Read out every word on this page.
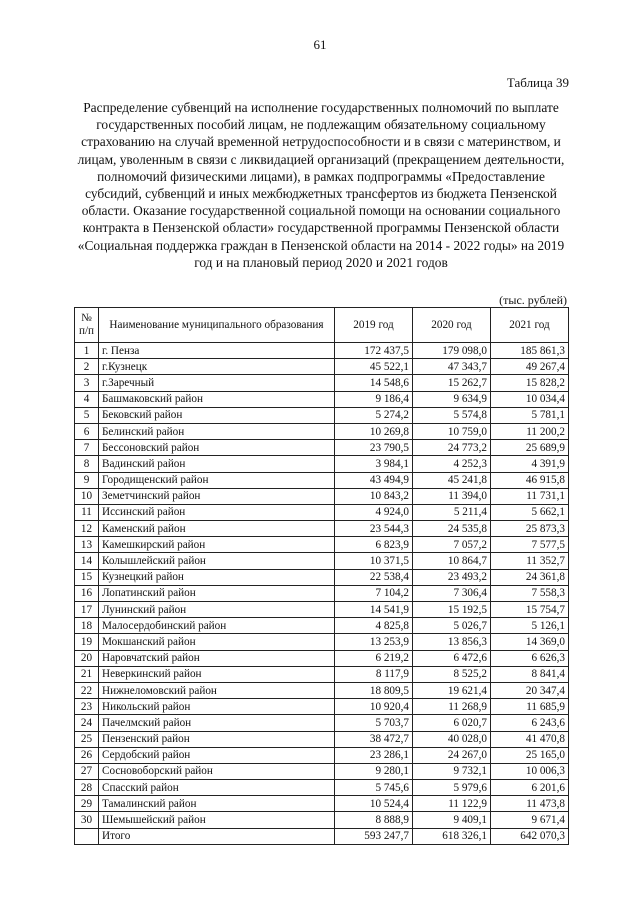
61
Таблица 39
Распределение субвенций на исполнение государственных полномочий по выплате государственных пособий лицам, не подлежащим обязательному социальному страхованию на случай временной нетрудоспособности и в связи с материнством, и лицам, уволенным в связи с ликвидацией организаций (прекращением деятельности, полномочий физическими лицами), в рамках подпрограммы «Предоставление субсидий, субвенций и иных межбюджетных трансфертов из бюджета Пензенской области. Оказание государственной социальной помощи на основании социального контракта в Пензенской области» государственной программы Пензенской области «Социальная поддержка граждан в Пензенской области на 2014 - 2022 годы» на 2019 год и на плановый период 2020 и 2021 годов
(тыс. рублей)
№ п/п	Наименование муниципального образования	2019 год	2020 год	2021 год
1	г. Пенза	172 437,5	179 098,0	185 861,3
2	г.Кузнецк	45 522,1	47 343,7	49 267,4
3	г.Заречный	14 548,6	15 262,7	15 828,2
4	Башмаковский район	9 186,4	9 634,9	10 034,4
5	Бековский район	5 274,2	5 574,8	5 781,1
6	Белинский район	10 269,8	10 759,0	11 200,2
7	Бессоновский район	23 790,5	24 773,2	25 689,9
8	Вадинский район	3 984,1	4 252,3	4 391,9
9	Городищенский район	43 494,9	45 241,8	46 915,8
10	Земетчинский район	10 843,2	11 394,0	11 731,1
11	Иссинский район	4 924,0	5 211,4	5 662,1
12	Каменский район	23 544,3	24 535,8	25 873,3
13	Камешкирский район	6 823,9	7 057,2	7 577,5
14	Колышлейский район	10 371,5	10 864,7	11 352,7
15	Кузнецкий район	22 538,4	23 493,2	24 361,8
16	Лопатинский район	7 104,2	7 306,4	7 558,3
17	Лунинский район	14 541,9	15 192,5	15 754,7
18	Малосердобинский район	4 825,8	5 026,7	5 126,1
19	Мокшанский район	13 253,9	13 856,3	14 369,0
20	Наровчатский район	6 219,2	6 472,6	6 626,3
21	Неверкинский район	8 117,9	8 525,2	8 841,4
22	Нижнеломовский район	18 809,5	19 621,4	20 347,4
23	Никольский район	10 920,4	11 268,9	11 685,9
24	Пачелмский район	5 703,7	6 020,7	6 243,6
25	Пензенский район	38 472,7	40 028,0	41 470,8
26	Сердобский район	23 286,1	24 267,0	25 165,0
27	Сосновоборский район	9 280,1	9 732,1	10 006,3
28	Спасский район	5 745,6	5 979,6	6 201,6
29	Тамалинский район	10 524,4	11 122,9	11 473,8
30	Шемышейский район	8 888,9	9 409,1	9 671,4
	Итого	593 247,7	618 326,1	642 070,3
